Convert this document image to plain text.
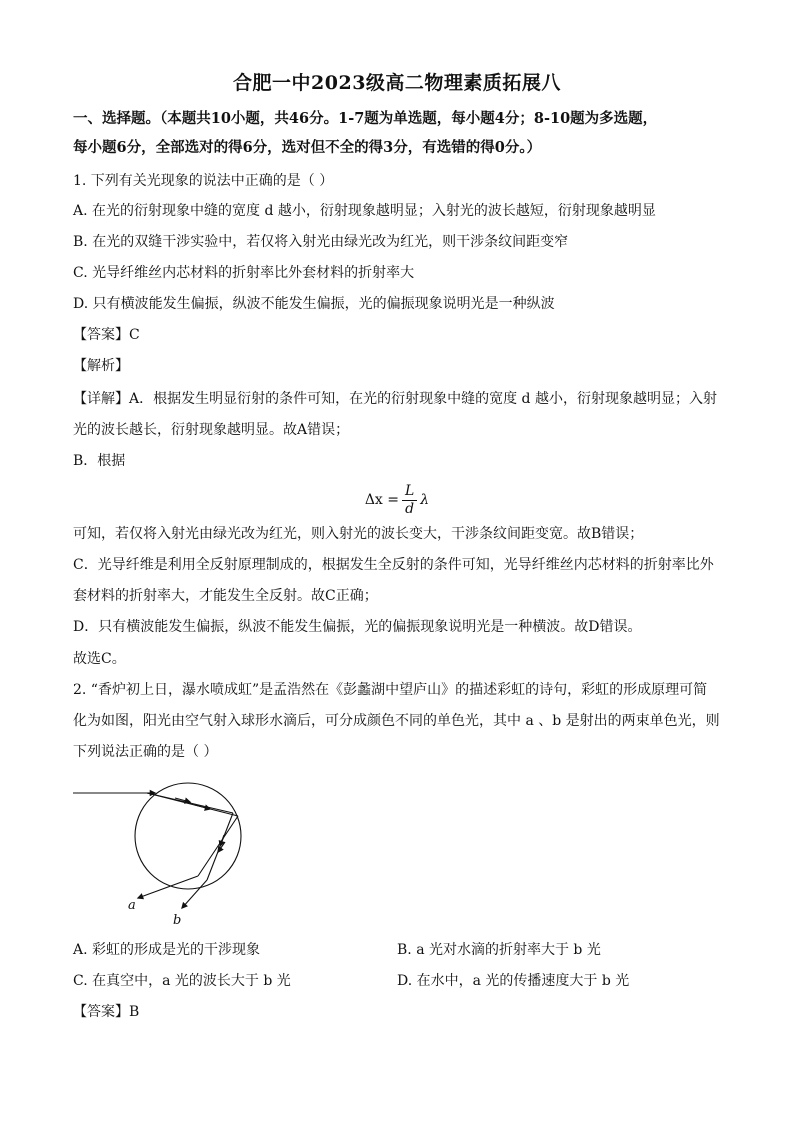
合肥一中2023级高二物理素质拓展八
一、选择题。（本题共10小题，共46分。1-7题为单选题，每小题4分；8-10题为多选题，
每小题6分，全部选对的得6分，选对但不全的得3分，有选错的得0分。）
1. 下列有关光现象的说法中正确的是（ ）
A. 在光的衍射现象中缝的宽度 d 越小，衍射现象越明显；入射光的波长越短，衍射现象越明显
B. 在光的双缝干涉实验中，若仅将入射光由绿光改为红光，则干涉条纹间距变窄
C. 光导纤维丝内芯材料的折射率比外套材料的折射率大
D. 只有横波能发生偏振，纵波不能发生偏振，光的偏振现象说明光是一种纵波
【答案】C
【解析】
【详解】A．根据发生明显衍射的条件可知，在光的衍射现象中缝的宽度 d 越小，衍射现象越明显；入射
光的波长越长，衍射现象越明显。故A错误；
B．根据
$\Delta x = \frac{L}{d}$ λ
可知，若仅将入射光由绿光改为红光，则入射光的波长变大，干涉条纹间距变宽。故B错误；
C．光导纤维是利用全反射原理制成的，根据发生全反射的条件可知，光导纤维丝内芯材料的折射率比外
套材料的折射率大，才能发生全反射。故C正确；
D．只有横波能发生偏振，纵波不能发生偏振，光的偏振现象说明光是一种横波。故D错误。
故选C。
2. “香炉初上日，瀑水喷成虹”是孟浩然在《彭蠡湖中望庐山》的描述彩虹的诗句，彩虹的形成原理可简
化为如图，阳光由空气射入球形水滴后，可分成颜色不同的单色光，其中 a 、b 是射出的两束单色光，则
下列说法正确的是（ ）
a
b
A. 彩虹的形成是光的干涉现象	B. a 光对水滴的折射率大于 b 光
C. 在真空中，a 光的波长大于 b 光	D. 在水中，a 光的传播速度大于 b 光
【答案】B
